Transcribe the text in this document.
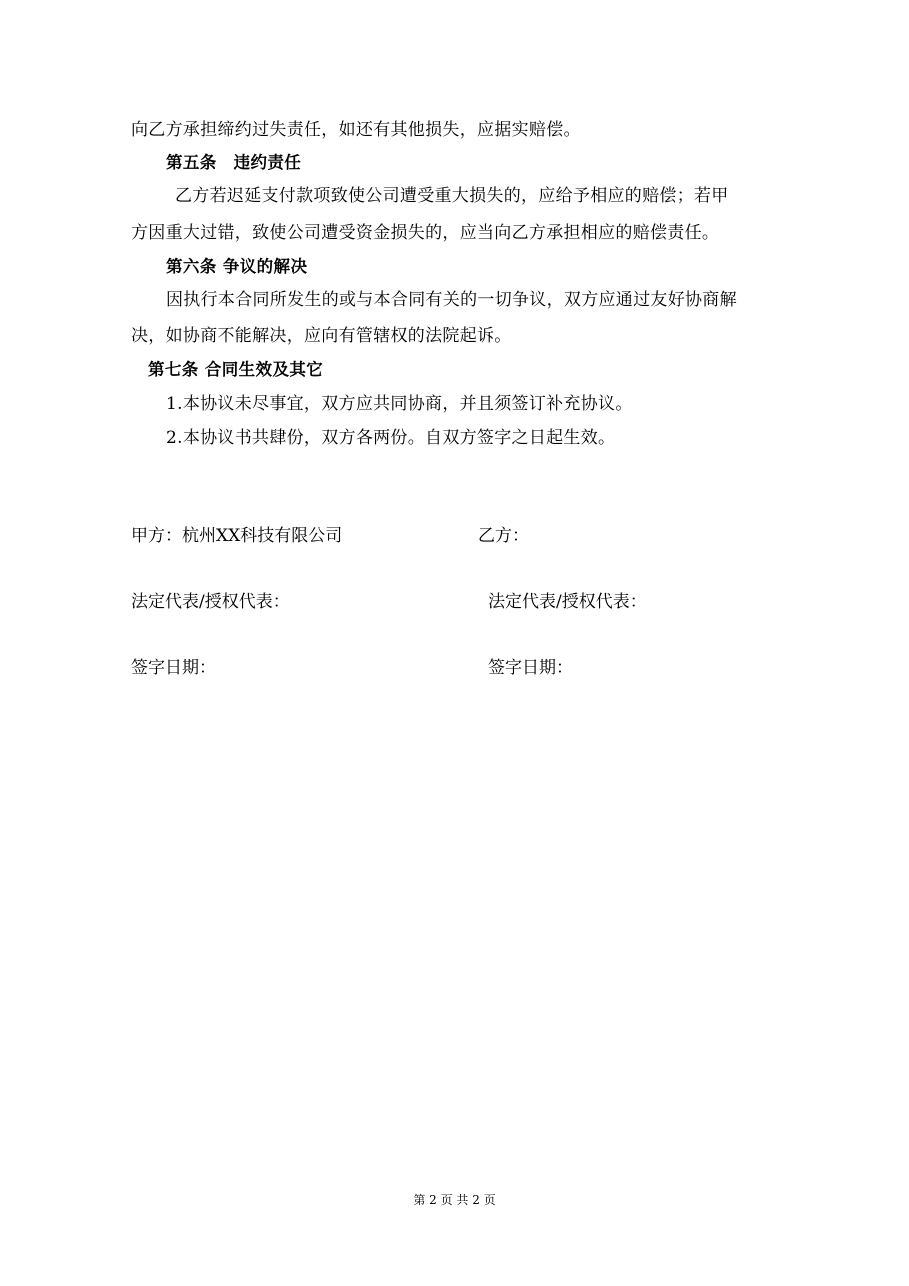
向乙方承担缔约过失责任，如还有其他损失，应据实赔偿。
第五条　违约责任
乙方若迟延支付款项致使公司遭受重大损失的，应给予相应的赔偿；若甲
方因重大过错，致使公司遭受资金损失的，应当向乙方承担相应的赔偿责任。
第六条 争议的解决
因执行本合同所发生的或与本合同有关的一切争议，双方应通过友好协商解
决，如协商不能解决，应向有管辖权的法院起诉。
第七条 合同生效及其它
1.本协议未尽事宜，双方应共同协商，并且须签订补充协议。
2.本协议书共肆份，双方各两份。自双方签字之日起生效。
甲方：杭州XX科技有限公司	乙方：
法定代表/授权代表：	法定代表/授权代表：
签字日期：	签字日期：
第 2 页 共 2 页
